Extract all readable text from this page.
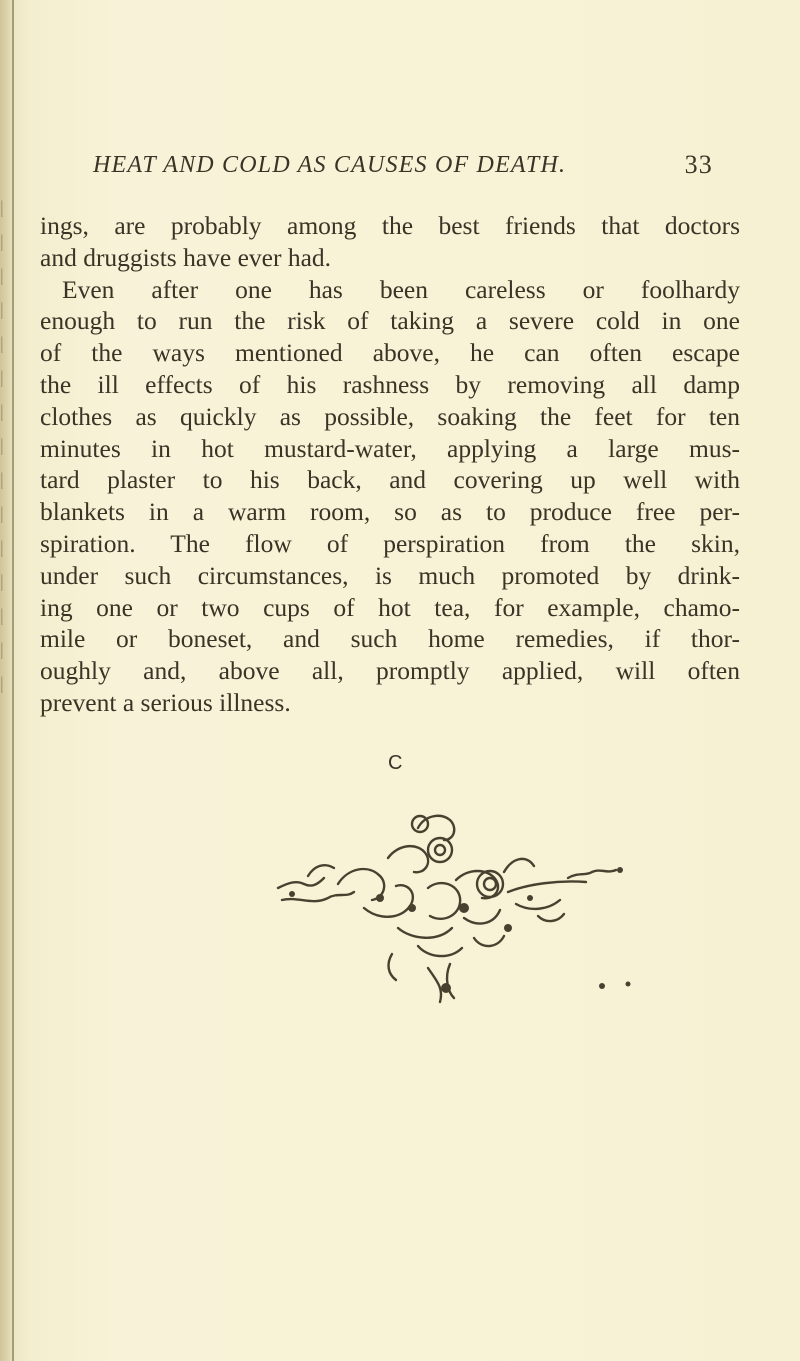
|
|
|
|
|
|
|
|
|
|
|
|
|
|
|
HEAT AND COLD AS CAUSES OF DEATH.	33
ings, are probably among the best friends that doctors
and druggists have ever had.
Even after one has been careless or foolhardy
enough to run the risk of taking a severe cold in one
of the ways mentioned above, he can often escape
the ill effects of his rashness by removing all damp
clothes as quickly as possible, soaking the feet for ten
minutes in hot mustard-water, applying a large mus-
tard plaster to his back, and covering up well with
blankets in a warm room, so as to produce free per-
spiration. The flow of perspiration from the skin,
under such circumstances, is much promoted by drink-
ing one or two cups of hot tea, for example, chamo-
mile or boneset, and such home remedies, if thor-
oughly and, above all, promptly applied, will often
prevent a serious illness.
C
